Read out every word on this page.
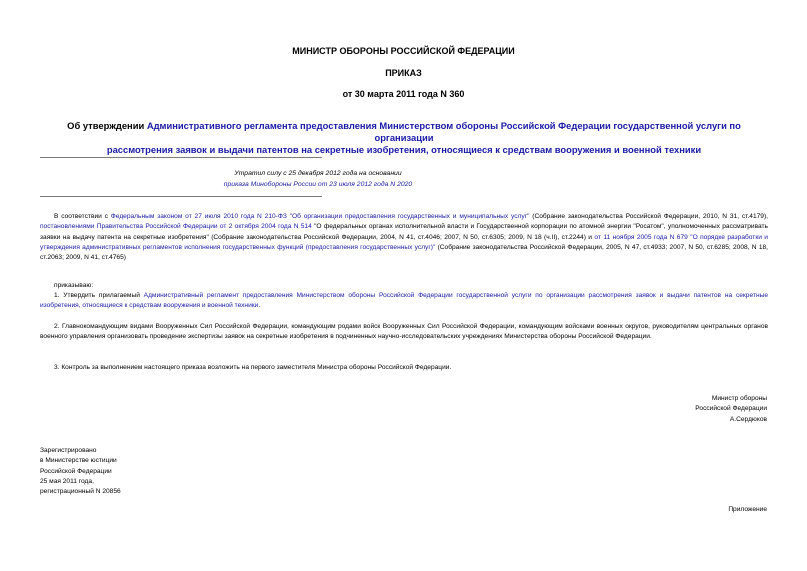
МИНИСТР ОБОРОНЫ РОССИЙСКОЙ ФЕДЕРАЦИИ
ПРИКАЗ
от 30 марта 2011 года N 360
Об утверждении Административного регламента предоставления Министерством обороны Российской Федерации государственной услуги по организации
рассмотрения заявок и выдачи патентов на секретные изобретения, относящиеся к средствам вооружения и военной техники
Утратил силу с 25 декабря 2012 года на основании
приказа Минобороны России от 23 июля 2012 года N 2020
В соответствии с Федеральным законом от 27 июля 2010 года N 210-ФЗ "Об организации предоставления государственных и муниципальных услуг" (Собрание законодательства Российской Федерации, 2010, N 31, ст.4179), постановлениями Правительства Российской Федерации от 2 октября 2004 года N 514 "О федеральных органах исполнительной власти и Государственной корпорации по атомной энергии "Росатом", уполномоченных рассматривать заявки на выдачу патента на секретные изобретения" (Собрание законодательства Российской Федерации, 2004, N 41, ст.4046; 2007, N 50, ст.6305; 2009, N 18 (ч.II), ст.2244) и от 11 ноября 2005 года N 679 "О порядке разработки и утверждения административных регламентов исполнения государственных функций (предоставления государственных услуг)" (Собрание законодательства Российской Федерации, 2005, N 47, ст.4933; 2007, N 50, ст.6285; 2008, N 18, ст.2063; 2009, N 41, ст.4765)
приказываю:
1. Утвердить прилагаемый Административный регламент предоставления Министерством обороны Российской Федерации государственной услуги по организации рассмотрения заявок и выдачи патентов на секретные изобретения, относящиеся к средствам вооружения и военной техники.
2. Главнокомандующим видами Вооруженных Сил Российской Федерации, командующим родами войск Вооруженных Сил Российской Федерации, командующим войсками военных округов, руководителям центральных органов военного управления организовать проведение экспертизы заявок на секретные изобретения в подчиненных научно-исследовательских учреждениях Министерства обороны Российской Федерации.
3. Контроль за выполнением настоящего приказа возложить на первого заместителя Министра обороны Российской Федерации.
Министр обороны
Российской Федерации
А.Сердюков
Зарегистрировано
в Министерстве юстиции
Российской Федерации
25 мая 2011 года,
регистрационный N 20856
Приложение
